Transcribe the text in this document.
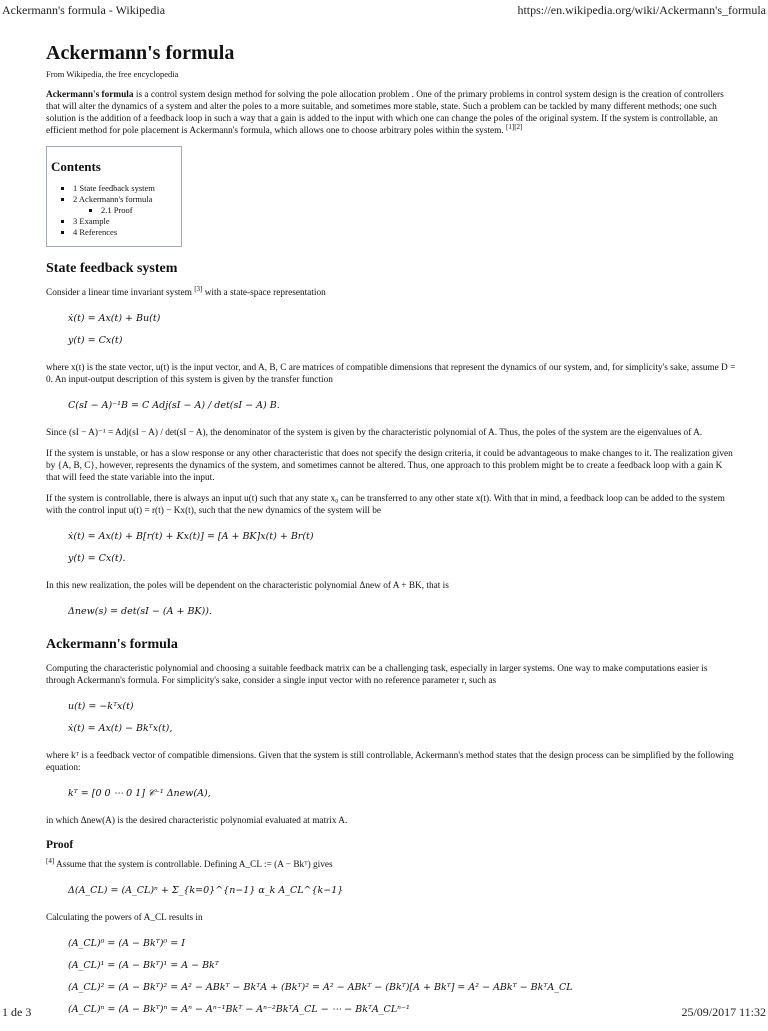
Ackermann's formula - Wikipedia	https://en.wikipedia.org/wiki/Ackermann's_formula
Ackermann's formula
From Wikipedia, the free encyclopedia

Ackermann's formula is a control system design method for solving the pole allocation problem . One of the primary problems in control system design is the creation of controllers that will alter the dynamics of a system and alter the poles to a more suitable, and sometimes more stable, state. Such a problem can be tackled by many different methods; one such solution is the addition of a feedback loop in such a way that a gain is added to the input with which one can change the poles of the original system. If the system is controllable, an efficient method for pole placement is Ackermann's formula, which allows one to choose arbitrary poles within the system. [1][2]

Contents
▪ 1 State feedback system
▪ 2 Ackermann's formula
▪ 2.1 Proof
▪ 3 Example
▪ 4 References
State feedback system

Consider a linear time invariant system [3] with a state-space representation

ẋ(t) = Ax(t) + Bu(t)
y(t) = Cx(t)

where x(t) is the state vector, u(t) is the input vector, and A, B, C are matrices of compatible dimensions that represent the dynamics of our system, and, for simplicity's sake, assume D = 0. An input-output description of this system is given by the transfer function

C(sI − A)⁻¹B = C Adj(sI − A) / det(sI − A) B.

Since (sI − A)⁻¹ = Adj(sI − A) / det(sI − A), the denominator of the system is given by the characteristic polynomial of A. Thus, the poles of the system are the eigenvalues of A.

If the system is unstable, or has a slow response or any other characteristic that does not specify the design criteria, it could be advantageous to make changes to it. The realization given by {A, B, C}, however, represents the dynamics of the system, and sometimes cannot be altered. Thus, one approach to this problem might be to create a feedback loop with a gain K that will feed the state variable into the input.

If the system is controllable, there is always an input u(t) such that any state x₀ can be transferred to any other state x(t). With that in mind, a feedback loop can be added to the system with the control input u(t) = r(t) − Kx(t), such that the new dynamics of the system will be

ẋ(t) = Ax(t) + B[r(t) + Kx(t)] = [A + BK]x(t) + Br(t)
y(t) = Cx(t).

In this new realization, the poles will be dependent on the characteristic polynomial Δnew of A + BK, that is

Δnew(s) = det(sI − (A + BK)).
Ackermann's formula

Computing the characteristic polynomial and choosing a suitable feedback matrix can be a challenging task, especially in larger systems. One way to make computations easier is through Ackermann's formula. For simplicity's sake, consider a single input vector with no reference parameter r, such as

u(t) = −kᵀx(t)
ẋ(t) = Ax(t) − Bkᵀx(t),

where kᵀ is a feedback vector of compatible dimensions. Given that the system is still controllable, Ackermann's method states that the design process can be simplified by the following equation:

kᵀ = [0 0 ⋯ 0 1] 𝒞⁻¹ Δnew(A),

in which Δnew(A) is the desired characteristic polynomial evaluated at matrix A.

Proof

[4] Assume that the system is controllable. Defining A_CL := (A − Bkᵀ) gives

Δ(A_CL) = (A_CL)ⁿ + Σ_{k=0}^{n−1} α_k A_CL^{k−1}

Calculating the powers of A_CL results in

(A_CL)⁰ = (A − Bkᵀ)⁰ = I
(A_CL)¹ = (A − Bkᵀ)¹ = A − Bkᵀ
(A_CL)² = (A − Bkᵀ)² = A² − ABkᵀ − BkᵀA + (Bkᵀ)² = A² − ABkᵀ − (Bkᵀ)[A + Bkᵀ] = A² − ABkᵀ − BkᵀA_CL
(A_CL)ⁿ = (A − Bkᵀ)ⁿ = Aⁿ − Aⁿ⁻¹Bkᵀ − Aⁿ⁻²BkᵀA_CL − ⋯ − BkᵀA_CLⁿ⁻¹
1 de 3	25/09/2017 11:32
